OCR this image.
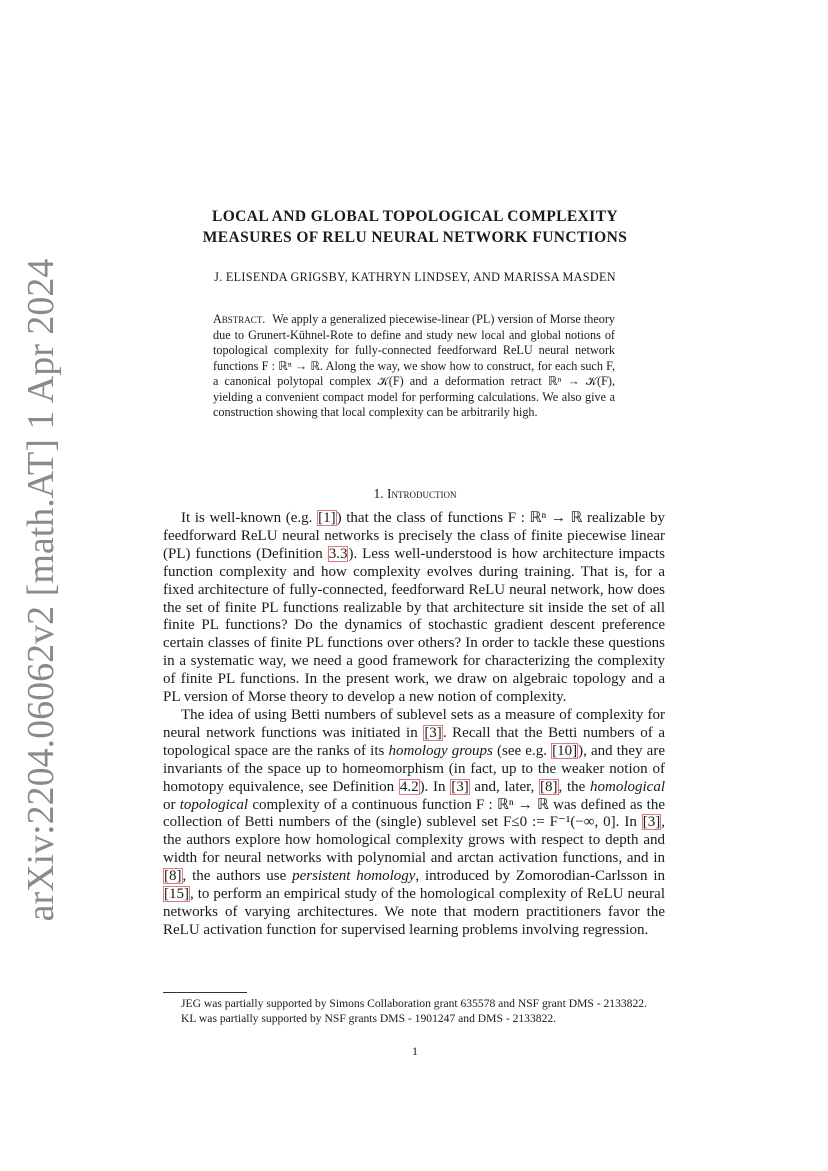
arXiv:2204.06062v2 [math.AT] 1 Apr 2024
LOCAL AND GLOBAL TOPOLOGICAL COMPLEXITY
MEASURES OF RELU NEURAL NETWORK FUNCTIONS
J. ELISENDA GRIGSBY, KATHRYN LINDSEY, AND MARISSA MASDEN
Abstract. We apply a generalized piecewise-linear (PL) version of Morse theory due to Grunert-Kühnel-Rote to define and study new local and global notions of topological complexity for fully-connected feedforward ReLU neural network functions F : ℝⁿ → ℝ. Along the way, we show how to construct, for each such F, a canonical polytopal complex 𝒦(F) and a deformation retract ℝⁿ → 𝒦(F), yielding a convenient compact model for performing calculations. We also give a construction showing that local complexity can be arbitrarily high.
1. Introduction

It is well-known (e.g. [1]) that the class of functions F : ℝⁿ → ℝ realizable by feedforward ReLU neural networks is precisely the class of finite piecewise linear (PL) functions (Definition 3.3). Less well-understood is how architecture impacts function complexity and how complexity evolves during training. That is, for a fixed architecture of fully-connected, feedforward ReLU neural network, how does the set of finite PL functions realizable by that architecture sit inside the set of all finite PL functions? Do the dynamics of stochastic gradient descent preference certain classes of finite PL functions over others? In order to tackle these questions in a systematic way, we need a good framework for characterizing the complexity of finite PL functions. In the present work, we draw on algebraic topology and a PL version of Morse theory to develop a new notion of complexity.

The idea of using Betti numbers of sublevel sets as a measure of complexity for neural network functions was initiated in [3]. Recall that the Betti numbers of a topological space are the ranks of its homology groups (see e.g. [10]), and they are invariants of the space up to homeomorphism (in fact, up to the weaker notion of homotopy equivalence, see Definition 4.2). In [3] and, later, [8], the homological or topological complexity of a continuous function F : ℝⁿ → ℝ was defined as the collection of Betti numbers of the (single) sublevel set F≤0 := F⁻¹(−∞, 0]. In [3], the authors explore how homological complexity grows with respect to depth and width for neural networks with polynomial and arctan activation functions, and in [8], the authors use persistent homology, introduced by Zomorodian-Carlsson in [15], to perform an empirical study of the homological complexity of ReLU neural networks of varying architectures. We note that modern practitioners favor the ReLU activation function for supervised learning problems involving regression.

JEG was partially supported by Simons Collaboration grant 635578 and NSF grant DMS - 2133822.

KL was partially supported by NSF grants DMS - 1901247 and DMS - 2133822.

1
